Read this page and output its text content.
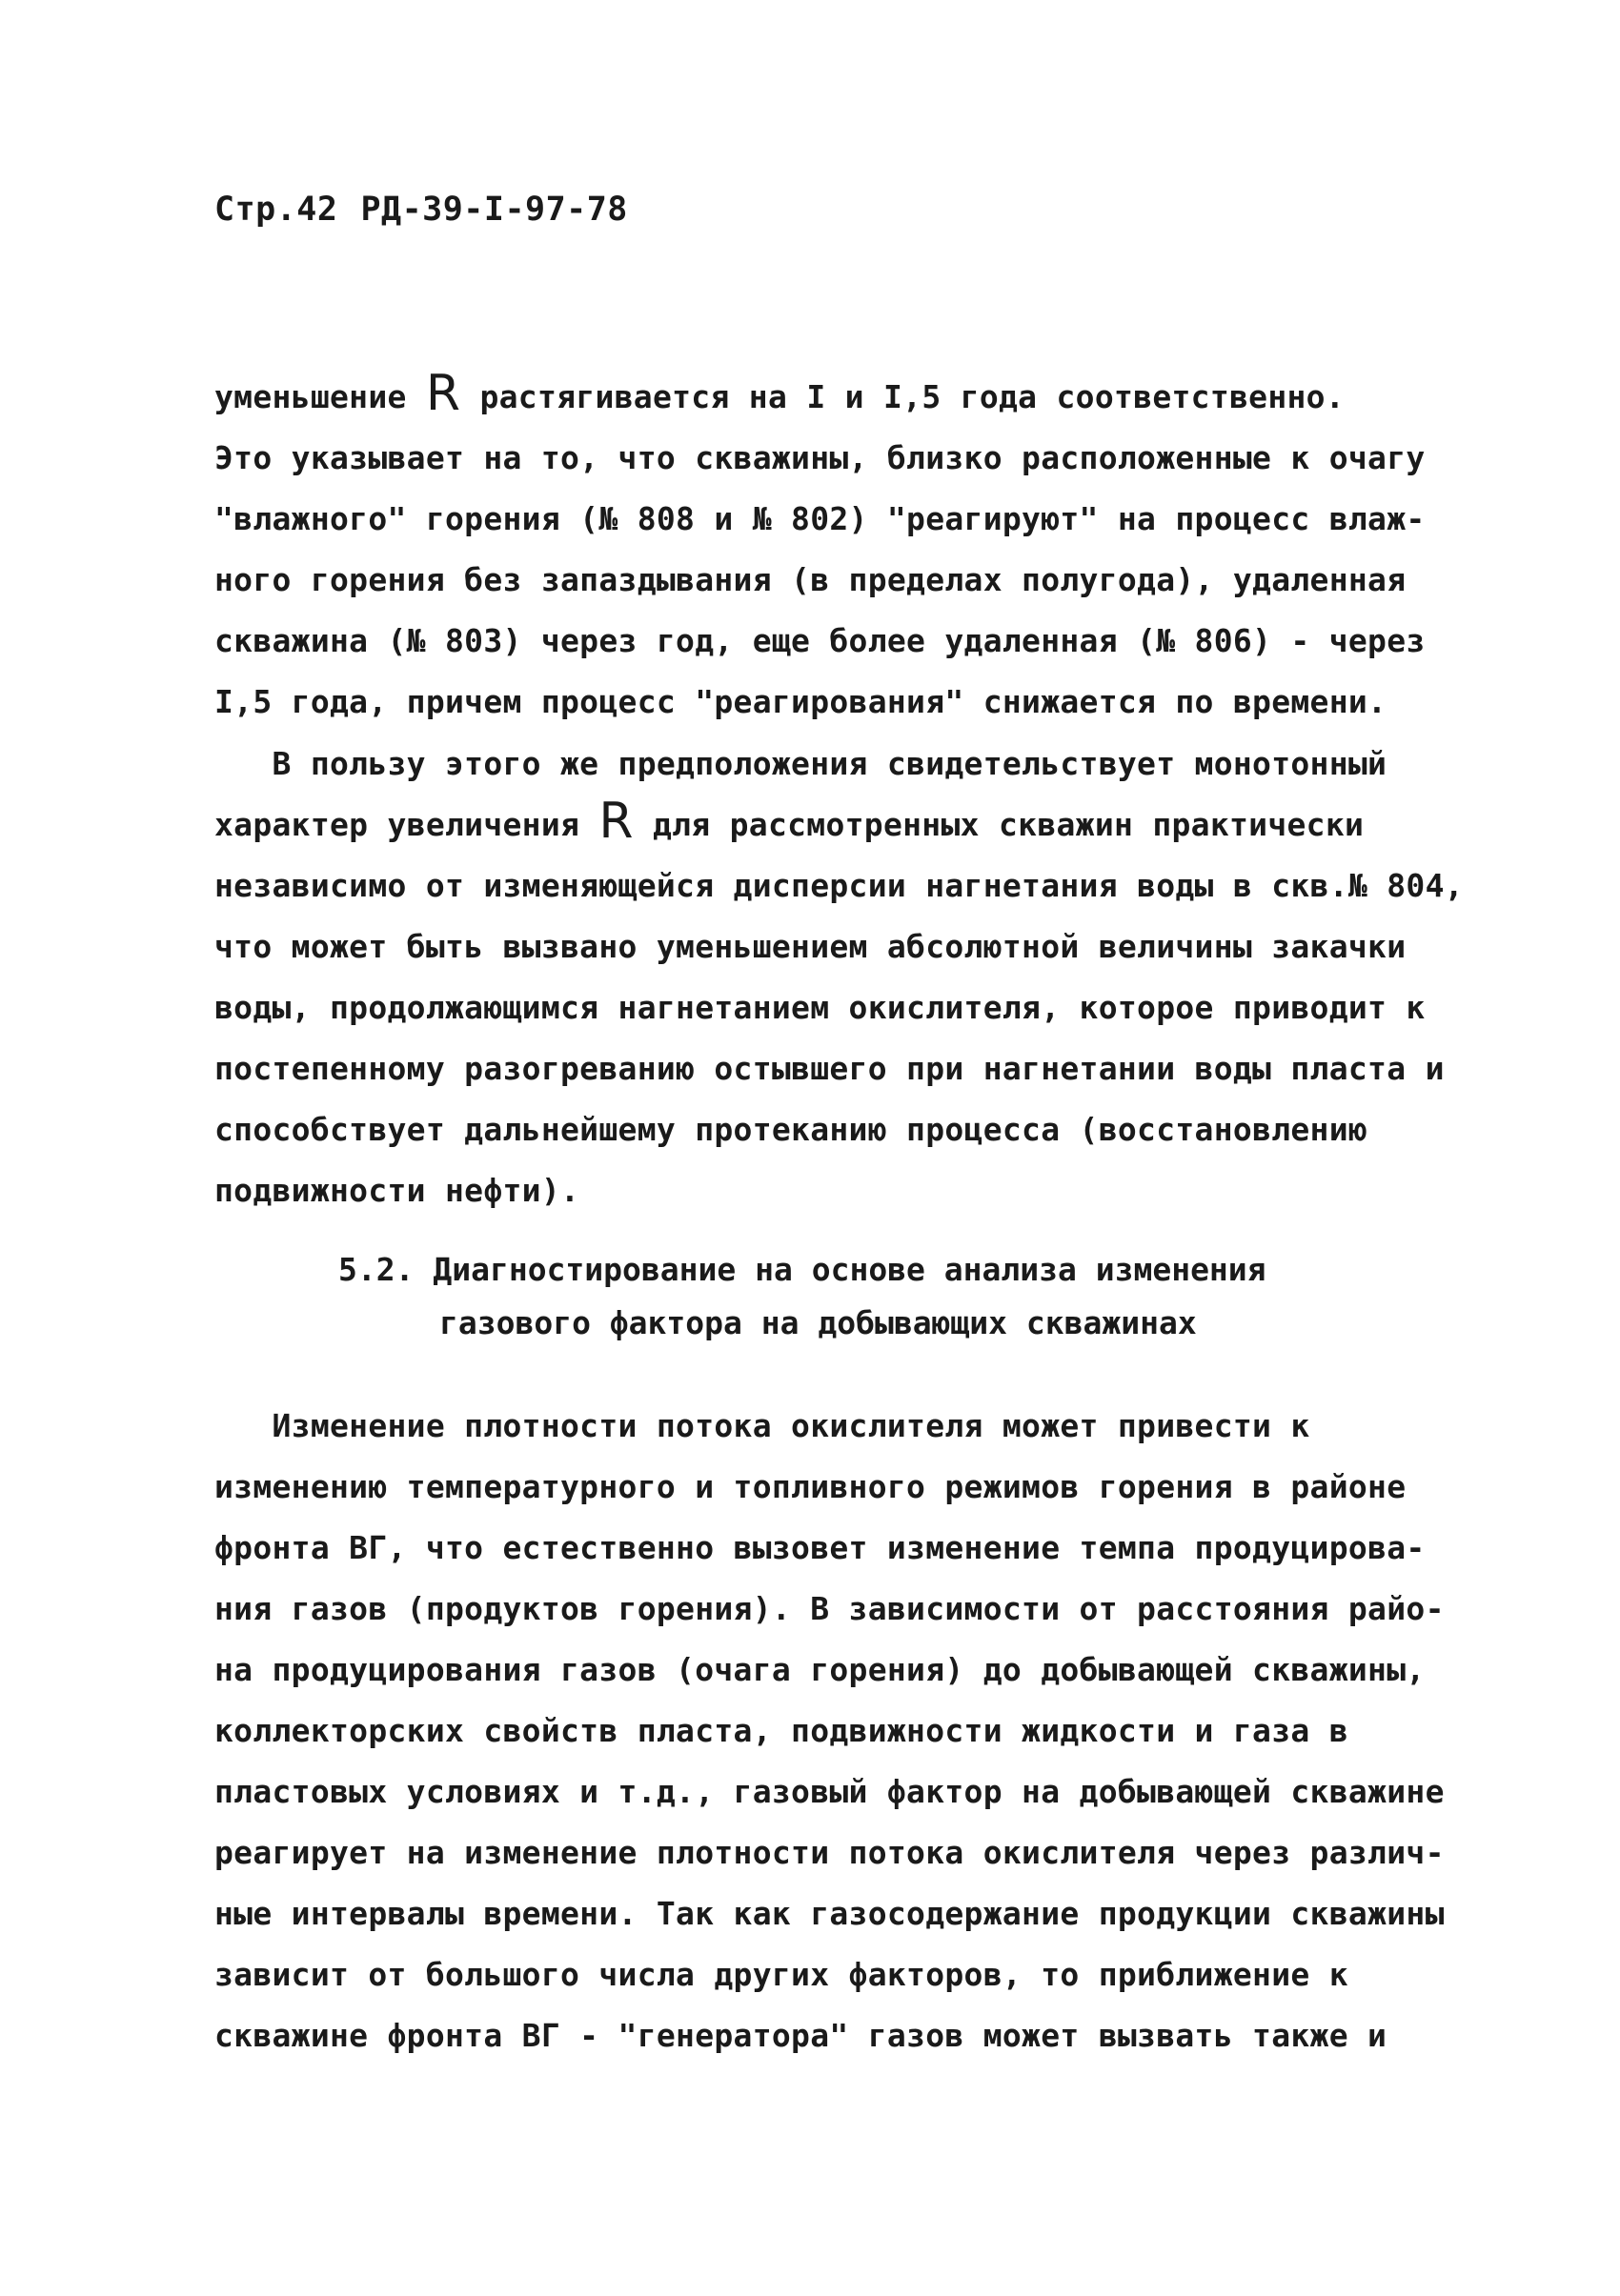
Стр.42 РД-39-I-97-78
уменьшение R растягивается на I и I,5 года соответственно.
Это указывает на то, что скважины, близко расположенные к очагу
"влажного" горения (№ 808 и № 802) "реагируют" на процесс влаж-
ного горения без запаздывания (в пределах полугода), удаленная
скважина (№ 803) через год, еще более удаленная (№ 806) - через
I,5 года, причем процесс "реагирования" снижается по времени.
В пользу этого же предположения свидетельствует монотонный
характер увеличения R для рассмотренных скважин практически
независимо от изменяющейся дисперсии нагнетания воды в скв.№ 804,
что может быть вызвано уменьшением абсолютной величины закачки
воды, продолжающимся нагнетанием окислителя, которое приводит к
постепенному разогреванию остывшего при нагнетании воды пласта и
способствует дальнейшему протеканию процесса (восстановлению
подвижности нефти).
5.2. Диагностирование на основе анализа изменения
газового фактора на добывающих скважинах
Изменение плотности потока окислителя может привести к
изменению температурного и топливного режимов горения в районе
фронта ВГ, что естественно вызовет изменение темпа продуцирова-
ния газов (продуктов горения). В зависимости от расстояния райо-
на продуцирования газов (очага горения) до добывающей скважины,
коллекторских свойств пласта, подвижности жидкости и газа в
пластовых условиях и т.д., газовый фактор на добывающей скважине
реагирует на изменение плотности потока окислителя через различ-
ные интервалы времени. Так как газосодержание продукции скважины
зависит от большого числа других факторов, то приближение к
скважине фронта ВГ - "генератора" газов может вызвать также и
